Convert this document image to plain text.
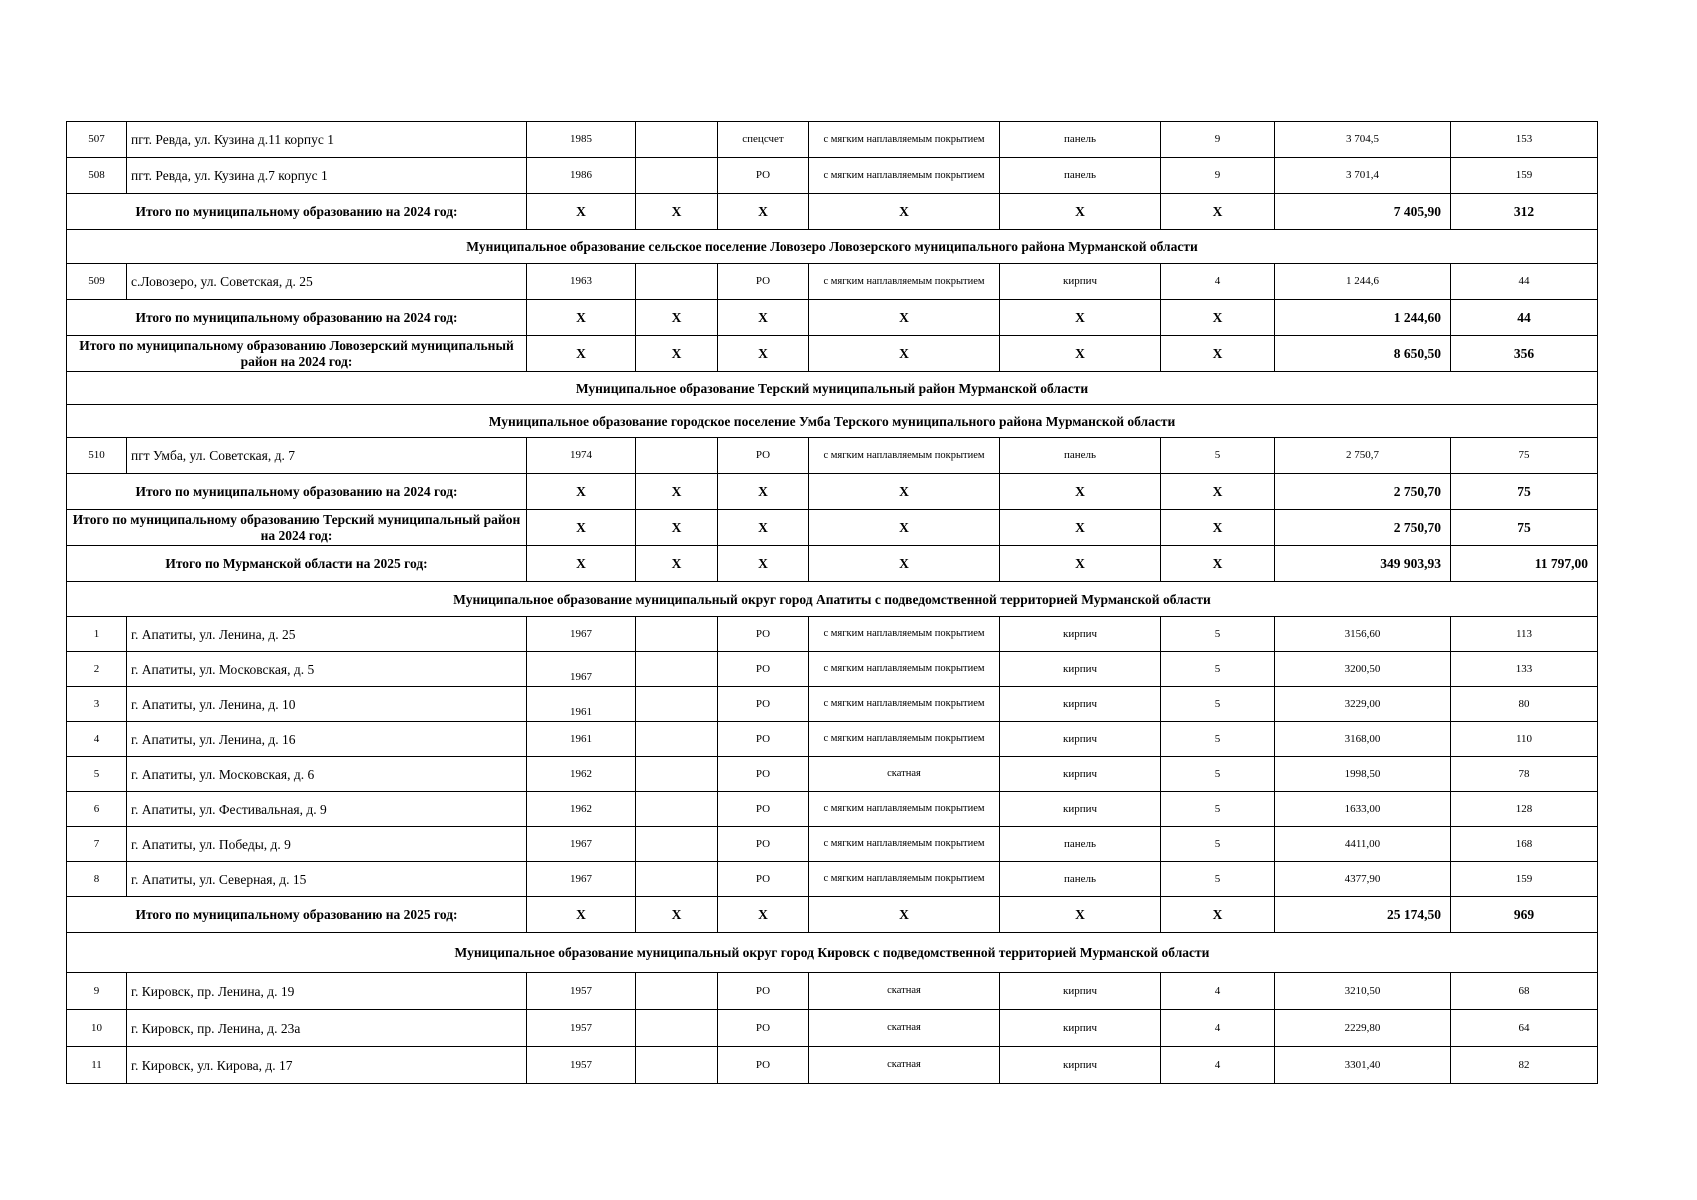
507	пгт. Ревда, ул. Кузина д.11 корпус 1	1985		спецсчет	с мягким наплавляемым покрытием	панель	9	3 704,5	153
508	пгт. Ревда, ул. Кузина д.7 корпус 1	1986		РО	с мягким наплавляемым покрытием	панель	9	3 701,4	159
Итого по муниципальному образованию на 2024 год:		X	X	X	X	X	X	7 405,90	312
Муниципальное образование сельское поселение Ловозеро Ловозерского муниципального района Мурманской области									
509	с.Ловозеро, ул. Советская, д. 25	1963		РО	с мягким наплавляемым покрытием	кирпич	4	1 244,6	44
Итого по муниципальному образованию на 2024 год:		X	X	X	X	X	X	1 244,60	44
Итого по муниципальному образованию Ловозерский муниципальный район на 2024 год:		X	X	X	X	X	X	8 650,50	356
Муниципальное образование Терский муниципальный район Мурманской области									
Муниципальное образование городское поселение Умба Терского муниципального района Мурманской области									
510	пгт Умба, ул. Советская, д. 7	1974		РО	с мягким наплавляемым покрытием	панель	5	2 750,7	75
Итого по муниципальному образованию на 2024 год:		X	X	X	X	X	X	2 750,70	75
Итого по муниципальному образованию Терский муниципальный район на 2024 год:		X	X	X	X	X	X	2 750,70	75
Итого по Мурманской области на 2025 год:		X	X	X	X	X	X	349 903,93	11 797,00
Муниципальное образование муниципальный округ город Апатиты с подведомственной территорией Мурманской области									
1	г. Апатиты, ул. Ленина, д. 25	1967		РО	с мягким наплавляемым покрытием	кирпич	5	3156,60	113
2	г. Апатиты, ул. Московская, д. 5	1967		РО	с мягким наплавляемым покрытием	кирпич	5	3200,50	133
3	г. Апатиты, ул. Ленина, д. 10	1961		РО	с мягким наплавляемым покрытием	кирпич	5	3229,00	80
4	г. Апатиты, ул. Ленина, д. 16	1961		РО	с мягким наплавляемым покрытием	кирпич	5	3168,00	110
5	г. Апатиты, ул. Московская, д. 6	1962		РО	скатная	кирпич	5	1998,50	78
6	г. Апатиты, ул. Фестивальная, д. 9	1962		РО	с мягким наплавляемым покрытием	кирпич	5	1633,00	128
7	г. Апатиты, ул. Победы, д. 9	1967		РО	с мягким наплавляемым покрытием	панель	5	4411,00	168
8	г. Апатиты, ул. Северная, д. 15	1967		РО	с мягким наплавляемым покрытием	панель	5	4377,90	159
Итого по муниципальному образованию на 2025 год:		X	X	X	X	X	X	25 174,50	969
Муниципальное образование муниципальный округ город Кировск с подведомственной территорией Мурманской области									
9	г. Кировск, пр. Ленина, д. 19	1957		РО	скатная	кирпич	4	3210,50	68
10	г. Кировск, пр. Ленина, д. 23а	1957		РО	скатная	кирпич	4	2229,80	64
11	г. Кировск, ул. Кирова, д. 17	1957		РО	скатная	кирпич	4	3301,40	82
